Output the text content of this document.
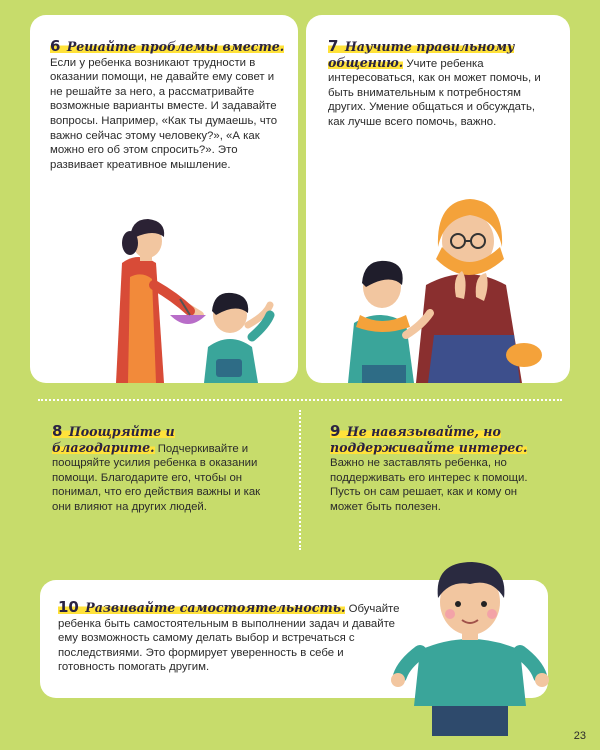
6 Решайте проблемы вместе. Если у ребенка возникают трудности в оказании помощи, не давайте ему совет и не решайте за него, а рассматривайте возможные варианты вместе. И задавайте вопросы. Например, «Как ты думаешь, что важно сейчас этому человеку?», «А как можно его об этом спросить?». Это развивает креативное мышление.
7 Научите правильному общению. Учите ребенка интересоваться, как он может помочь, и быть внимательным к потребностям других. Умение общаться и обсуждать, как лучше всего помочь, важно.
8 Поощряйте и благодарите. Подчеркивайте и поощряйте усилия ребенка в оказании помощи. Благодарите его, чтобы он понимал, что его действия важны и как они влияют на других людей.
9 Не навязывайте, но поддерживайте интерес. Важно не заставлять ребенка, но поддерживать его интерес к помощи. Пусть он сам решает, как и кому он может быть полезен.
10 Развивайте самостоятельность. Обучайте ребенка быть самостоятельным в выполнении задач и давайте ему возможность самому делать выбор и встречаться с последствиями. Это формирует уверенность в себе и готовность помогать другим.
23
